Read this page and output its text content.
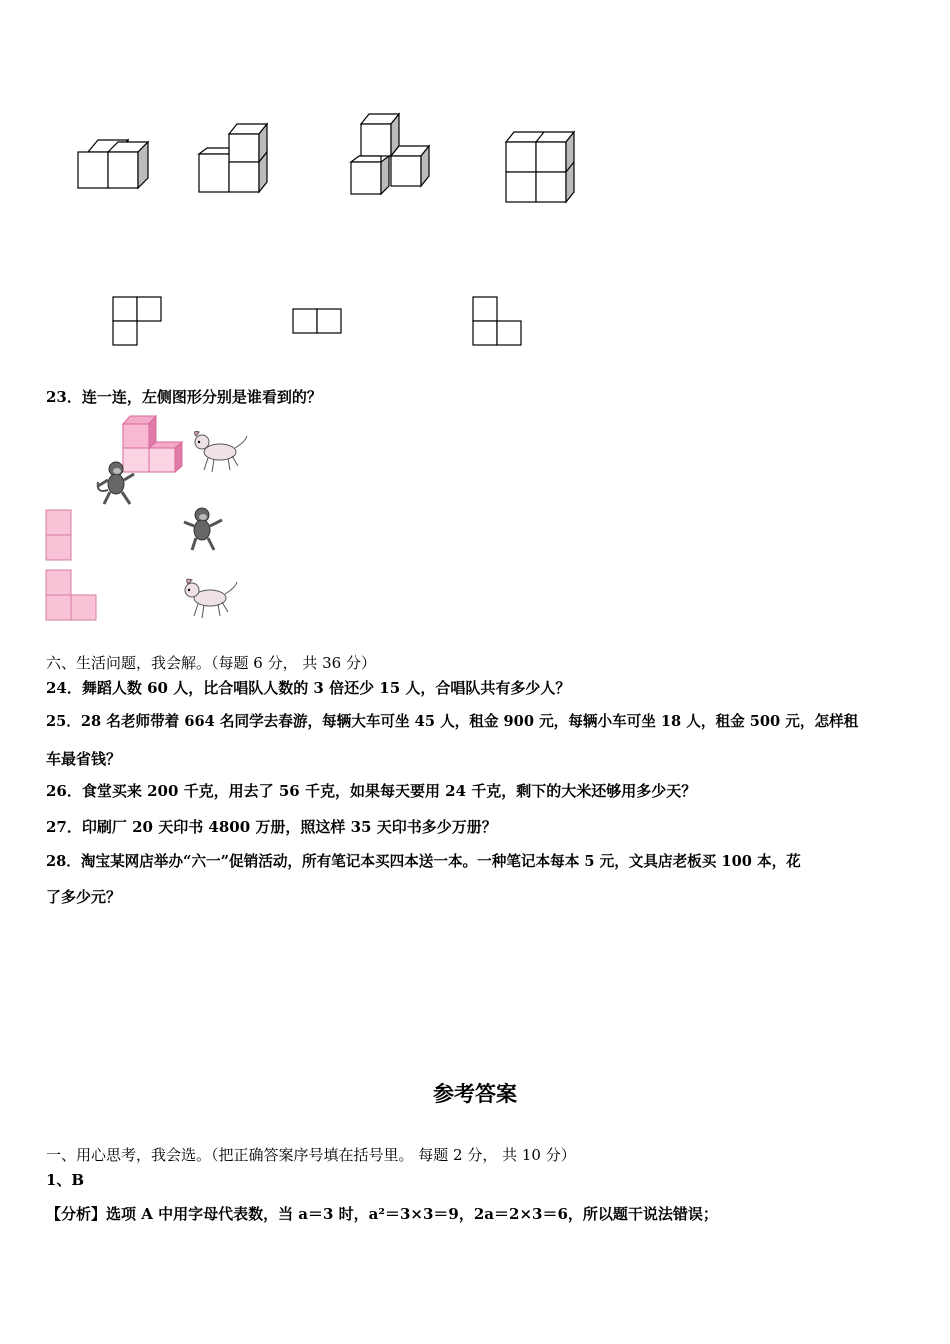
23．连一连，左侧图形分别是谁看到的？
六、生活问题，我会解。（每题 6 分， 共 36 分）
24．舞蹈人数 60 人，比合唱队人数的 3 倍还少 15 人，合唱队共有多少人？
25．28 名老师带着 664 名同学去春游，每辆大车可坐 45 人，租金 900 元，每辆小车可坐 18 人，租金 500 元，怎样租
车最省钱？
26．食堂买来 200 千克，用去了 56 千克，如果每天要用 24 千克，剩下的大米还够用多少天？
27．印刷厂 20 天印书 4800 万册，照这样 35 天印书多少万册？
28．淘宝某网店举办“六一”促销活动，所有笔记本买四本送一本。一种笔记本每本 5 元，文具店老板买 100 本，花
了多少元？
参考答案
一、用心思考，我会选。（把正确答案序号填在括号里。 每题 2 分， 共 10 分）
1、B
【分析】选项 A 中用字母代表数，当 a＝3 时，a²＝3×3＝9，2a＝2×3＝6，所以题干说法错误；
